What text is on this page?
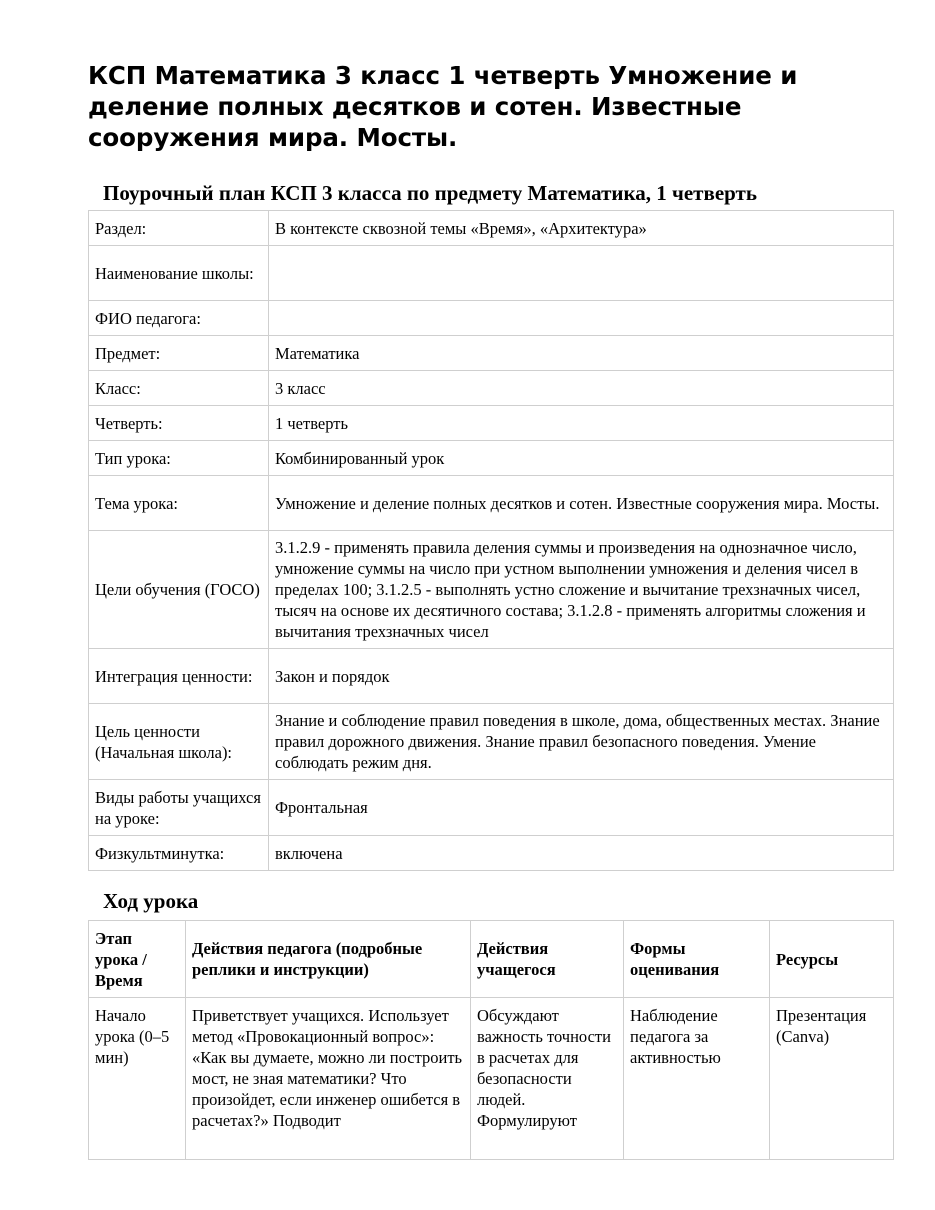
КСП Математика 3 класс 1 четверть Умножение и деление полных десятков и сотен. Известные сооружения мира. Мосты.
Поурочный план КСП 3 класса по предмету Математика, 1 четверть
Раздел:	В контексте сквозной темы «Время», «Архитектура»
Наименование школы:	
ФИО педагога:	
Предмет:	Математика
Класс:	3 класс
Четверть:	1 четверть
Тип урока:	Комбинированный урок
Тема урока:	Умножение и деление полных десятков и сотен. Известные сооружения мира. Мосты.
Цели обучения (ГОСО)	3.1.2.9 - применять правила деления суммы и произведения на однозначное число, умножение суммы на число при устном выполнении умножения и деления чисел в пределах 100; 3.1.2.5 - выполнять устно сложение и вычитание трехзначных чисел, тысяч на основе их десятичного состава; 3.1.2.8 - применять алгоритмы сложения и вычитания трехзначных чисел
Интеграция ценности:	Закон и порядок
Цель ценности (Начальная школа):	Знание и соблюдение правил поведения в школе, дома, общественных местах. Знание правил дорожного движения. Знание правил безопасного поведения. Умение соблюдать режим дня.
Виды работы учащихся на уроке:	Фронтальная
Физкультминутка:	включена
Ход урока
Этап урока / Время	Действия педагога (подробные реплики и инструкции)	Действия учащегося	Формы оценивания	Ресурсы
Начало урока (0–5 мин)	Приветствует учащихся. Использует метод «Провокационный вопрос»: «Как вы думаете, можно ли построить мост, не зная математики? Что произойдет, если инженер ошибется в расчетах?» Подводит	Обсуждают важность точности в расчетах для безопасности людей. Формулируют	Наблюдение педагога за активностью	Презентация (Canva)
